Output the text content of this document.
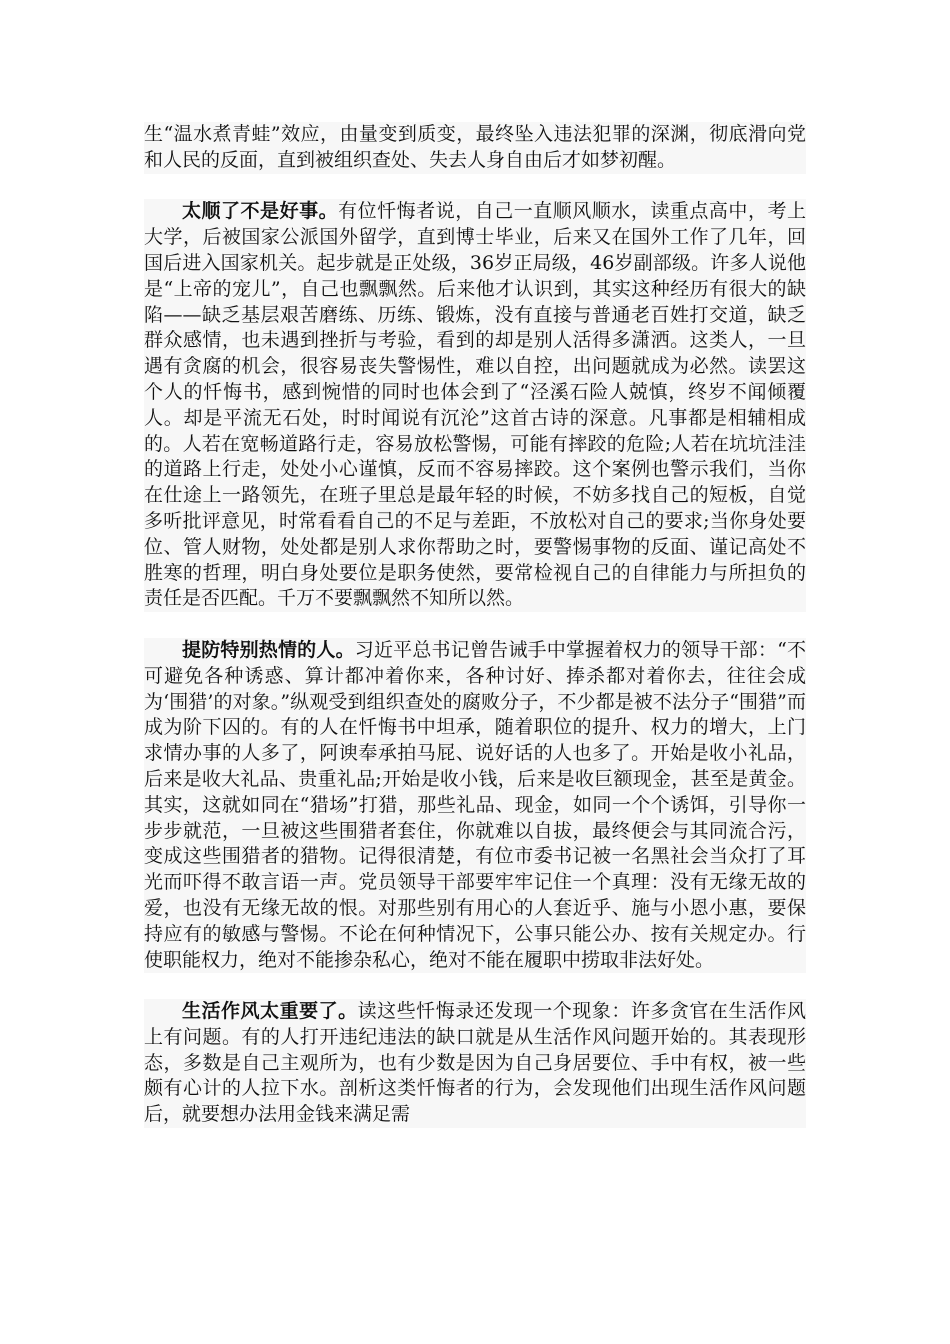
生“温水煮青蛙”效应，由量变到质变，最终坠入违法犯罪的深渊，彻底滑向党和人民的反面，直到被组织查处、失去人身自由后才如梦初醒。

太顺了不是好事。有位忏悔者说，自己一直顺风顺水，读重点高中，考上大学，后被国家公派国外留学，直到博士毕业，后来又在国外工作了几年，回国后进入国家机关。起步就是正处级，36岁正局级，46岁副部级。许多人说他是“上帝的宠儿”，自己也飘飘然。后来他才认识到，其实这种经历有很大的缺陷——缺乏基层艰苦磨练、历练、锻炼，没有直接与普通老百姓打交道，缺乏群众感情，也未遇到挫折与考验，看到的却是别人活得多潇洒。这类人，一旦遇有贪腐的机会，很容易丧失警惕性，难以自控，出问题就成为必然。读罢这个人的忏悔书，感到惋惜的同时也体会到了“泾溪石险人兢慎，终岁不闻倾覆人。却是平流无石处，时时闻说有沉沦”这首古诗的深意。凡事都是相辅相成的。人若在宽畅道路行走，容易放松警惕，可能有摔跤的危险;人若在坑坑洼洼的道路上行走，处处小心谨慎，反而不容易摔跤。这个案例也警示我们，当你在仕途上一路领先，在班子里总是最年轻的时候，不妨多找自己的短板，自觉多听批评意见，时常看看自己的不足与差距，不放松对自己的要求;当你身处要位、管人财物，处处都是别人求你帮助之时，要警惕事物的反面、谨记高处不胜寒的哲理，明白身处要位是职务使然，要常检视自己的自律能力与所担负的责任是否匹配。千万不要飘飘然不知所以然。

提防特别热情的人。习近平总书记曾告诫手中掌握着权力的领导干部：“不可避免各种诱惑、算计都冲着你来，各种讨好、捧杀都对着你去，往往会成为‘围猎’的对象。”纵观受到组织查处的腐败分子，不少都是被不法分子“围猎”而成为阶下囚的。有的人在忏悔书中坦承，随着职位的提升、权力的增大，上门求情办事的人多了，阿谀奉承拍马屁、说好话的人也多了。开始是收小礼品，后来是收大礼品、贵重礼品;开始是收小钱，后来是收巨额现金，甚至是黄金。其实，这就如同在“猎场”打猎，那些礼品、现金，如同一个个诱饵，引导你一步步就范，一旦被这些围猎者套住，你就难以自拔，最终便会与其同流合污，变成这些围猎者的猎物。记得很清楚，有位市委书记被一名黑社会当众打了耳光而吓得不敢言语一声。党员领导干部要牢牢记住一个真理：没有无缘无故的爱，也没有无缘无故的恨。对那些别有用心的人套近乎、施与小恩小惠，要保持应有的敏感与警惕。不论在何种情况下，公事只能公办、按有关规定办。行使职能权力，绝对不能掺杂私心，绝对不能在履职中捞取非法好处。

生活作风太重要了。读这些忏悔录还发现一个现象：许多贪官在生活作风上有问题。有的人打开违纪违法的缺口就是从生活作风问题开始的。其表现形态，多数是自己主观所为，也有少数是因为自己身居要位、手中有权，被一些颇有心计的人拉下水。剖析这类忏悔者的行为，会发现他们出现生活作风问题后，就要想办法用金钱来满足需
